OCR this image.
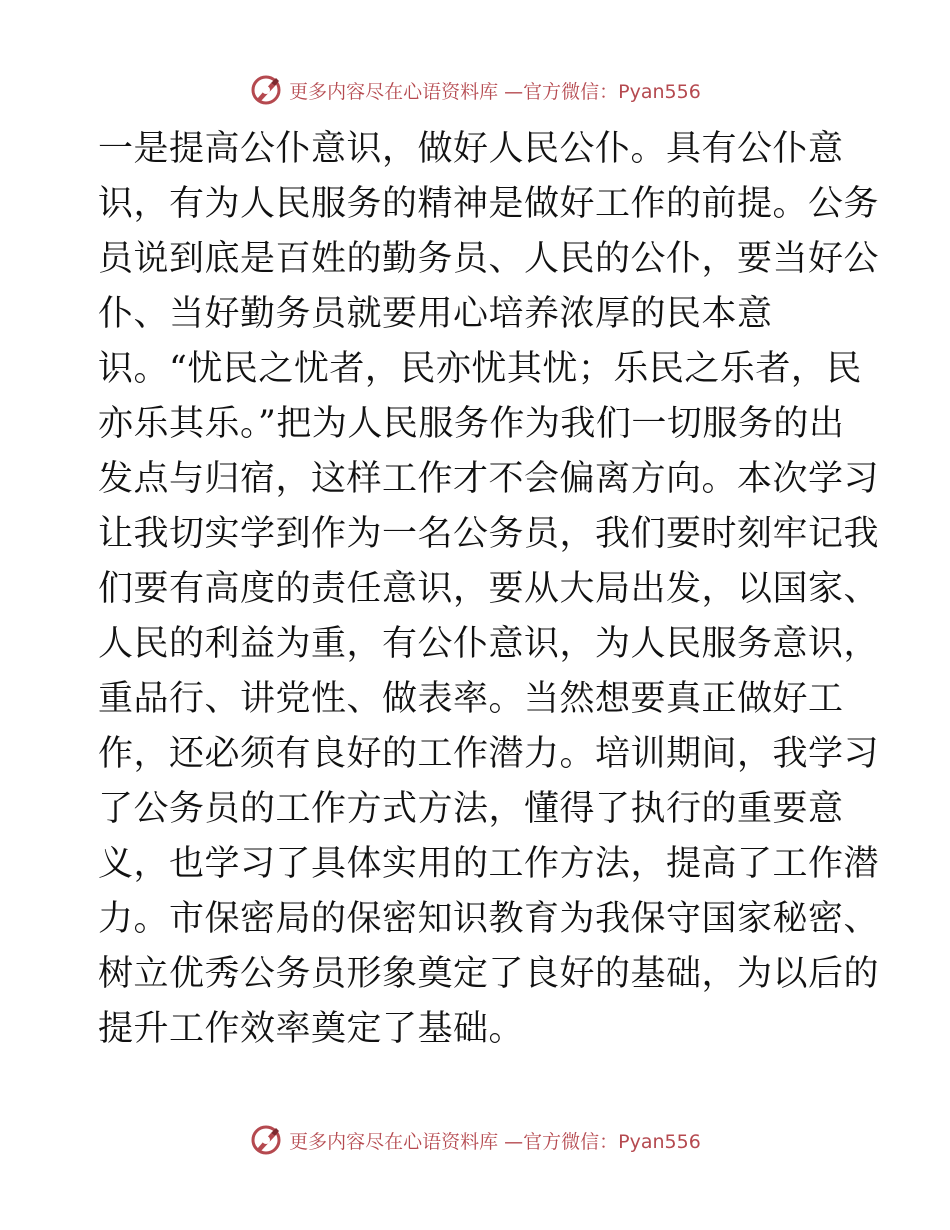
更多内容尽在心语资料库 —官方微信：Pyan556
一是提高公仆意识，做好人民公仆。具有公仆意
识，有为人民服务的精神是做好工作的前提。公务
员说到底是百姓的勤务员、人民的公仆，要当好公
仆、当好勤务员就要用心培养浓厚的民本意
识。“忧民之忧者，民亦忧其忧；乐民之乐者，民
亦乐其乐。”把为人民服务作为我们一切服务的出
发点与归宿，这样工作才不会偏离方向。本次学习
让我切实学到作为一名公务员，我们要时刻牢记我
们要有高度的责任意识，要从大局出发，以国家、
人民的利益为重，有公仆意识，为人民服务意识，
重品行、讲党性、做表率。当然想要真正做好工
作，还必须有良好的工作潜力。培训期间，我学习
了公务员的工作方式方法，懂得了执行的重要意
义，也学习了具体实用的工作方法，提高了工作潜
力。市保密局的保密知识教育为我保守国家秘密、
树立优秀公务员形象奠定了良好的基础，为以后的
提升工作效率奠定了基础。
更多内容尽在心语资料库 —官方微信：Pyan556
